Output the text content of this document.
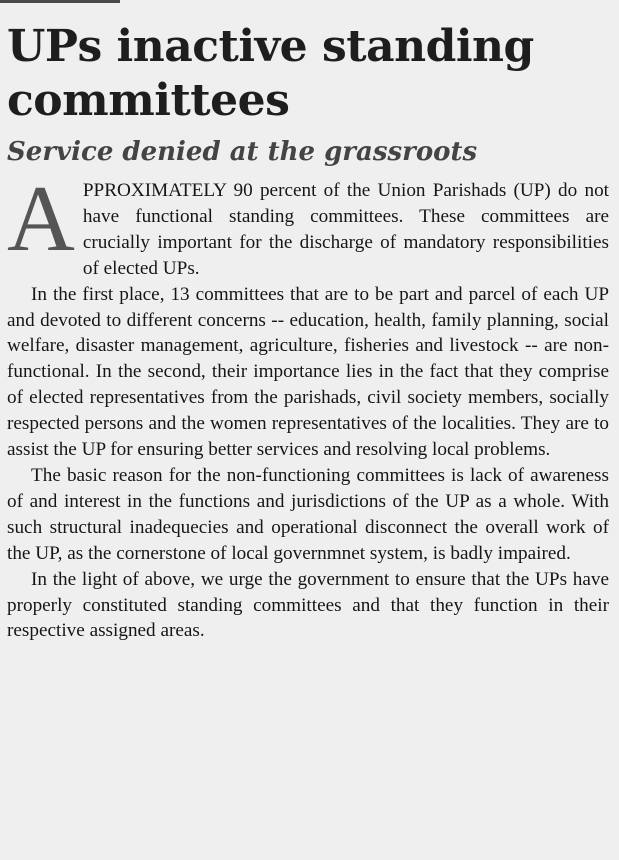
UPs inactive standing committees
Service denied at the grassroots

A PPROXIMATELY 90 percent of the Union Parishads (UP) do not have functional standing committees. These committees are crucially important for the discharge of mandatory responsibilities of elected UPs.

In the first place, 13 committees that are to be part and parcel of each UP and devoted to different concerns -- education, health, family planning, social welfare, disaster management, agriculture, fisheries and livestock -- are non-functional. In the second, their importance lies in the fact that they comprise of elected representatives from the parishads, civil society members, socially respected persons and the women representatives of the localities. They are to assist the UP for ensuring better services and resolving local problems.

The basic reason for the non-functioning committees is lack of awareness of and interest in the functions and jurisdictions of the UP as a whole. With such structural inadequecies and operational disconnect the overall work of the UP, as the cornerstone of local governmnet system, is badly impaired.

In the light of above, we urge the government to ensure that the UPs have properly constituted standing committees and that they function in their respective assigned areas.
